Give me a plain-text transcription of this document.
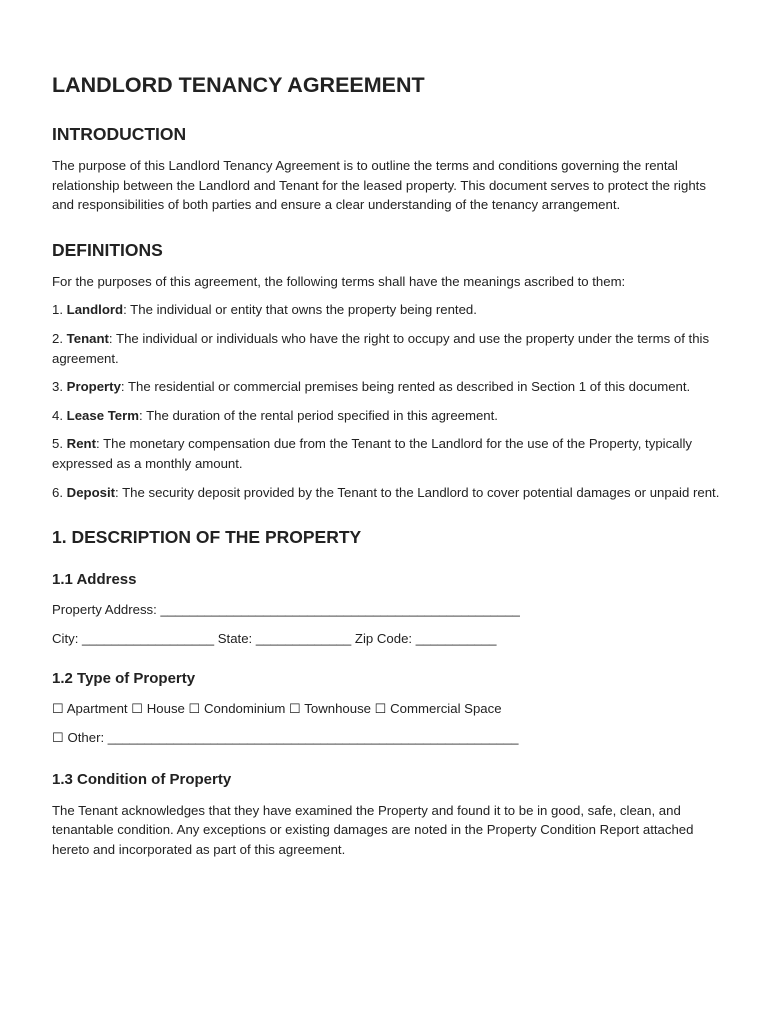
LANDLORD TENANCY AGREEMENT
INTRODUCTION

The purpose of this Landlord Tenancy Agreement is to outline the terms and conditions governing the rental relationship between the Landlord and Tenant for the leased property. This document serves to protect the rights and responsibilities of both parties and ensure a clear understanding of the tenancy arrangement.

DEFINITIONS

For the purposes of this agreement, the following terms shall have the meanings ascribed to them:

1. Landlord: The individual or entity that owns the property being rented.

2. Tenant: The individual or individuals who have the right to occupy and use the property under the terms of this agreement.

3. Property: The residential or commercial premises being rented as described in Section 1 of this document.

4. Lease Term: The duration of the rental period specified in this agreement.

5. Rent: The monetary compensation due from the Tenant to the Landlord for the use of the Property, typically expressed as a monthly amount.

6. Deposit: The security deposit provided by the Tenant to the Landlord to cover potential damages or unpaid rent.

1. DESCRIPTION OF THE PROPERTY
1.1 Address

Property Address: _________________________________________________

City: __________________ State: _____________ Zip Code: ___________

1.2 Type of Property

☐ Apartment ☐ House ☐ Condominium ☐ Townhouse ☐ Commercial Space

☐ Other: ________________________________________________________

1.3 Condition of Property

The Tenant acknowledges that they have examined the Property and found it to be in good, safe, clean, and tenantable condition. Any exceptions or existing damages are noted in the Property Condition Report attached hereto and incorporated as part of this agreement.
